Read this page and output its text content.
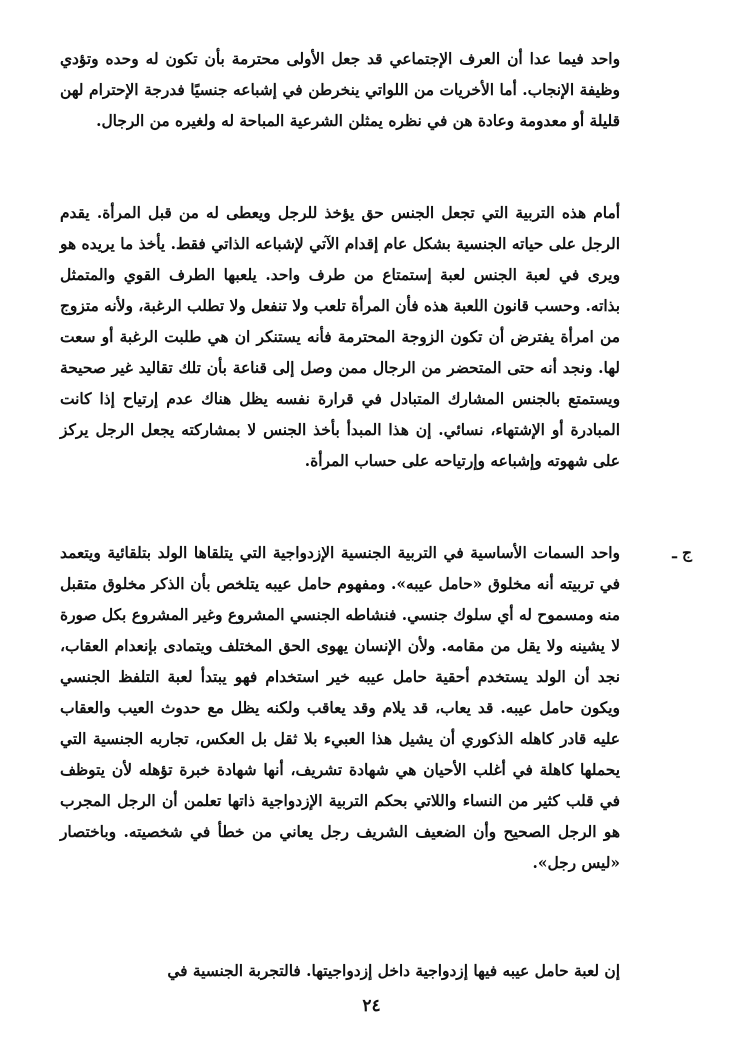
واحد فيما عدا أن العرف الإجتماعي قد جعل الأولى محترمة بأن تكون له وحده وتؤدي وظيفة الإنجاب. أما الأخريات من اللواتي ينخرطن في إشباعه جنسيًا فدرجة الإحترام لهن قليلة أو معدومة وعادة هن في نظره يمثلن الشرعية المباحة له ولغيره من الرجال.

أمام هذه التربية التي تجعل الجنس حق يؤخذ للرجل ويعطى له من قبل المرأة. يقدم الرجل على حياته الجنسية بشكل عام إقدام الآتي لإشباعه الذاتي فقط. يأخذ ما يريده هو ويرى في لعبة الجنس لعبة إستمتاع من طرف واحد. يلعبها الطرف القوي والمتمثل بذاته. وحسب قانون اللعبة هذه فأن المرأة تلعب ولا تنفعل ولا تطلب الرغبة، ولأنه متزوج من امرأة يفترض أن تكون الزوجة المحترمة فأنه يستنكر ان هي طلبت الرغبة أو سعت لها. ونجد أنه حتى المتحضر من الرجال ممن وصل إلى قناعة بأن تلك تقاليد غير صحيحة ويستمتع بالجنس المشارك المتبادل في قرارة نفسه يظل هناك عدم إرتياح إذا كانت المبادرة أو الإشتهاء، نسائي. إن هذا المبدأ بأخذ الجنس لا بمشاركته يجعل الرجل يركز على شهوته وإشباعه وإرتياحه على حساب المرأة.

ج ـ

واحد السمات الأساسية في التربية الجنسية الإزدواجية التي يتلقاها الولد بتلقائية ويتعمد في تربيته أنه مخلوق «حامل عيبه». ومفهوم حامل عيبه يتلخص بأن الذكر مخلوق متقبل منه ومسموح له أي سلوك جنسي. فنشاطه الجنسي المشروع وغير المشروع بكل صورة لا يشينه ولا يقل من مقامه. ولأن الإنسان يهوى الحق المختلف ويتمادى بإنعدام العقاب، نجد أن الولد يستخدم أحقية حامل عيبه خير استخدام فهو يبتدأ لعبة التلفظ الجنسي ويكون حامل عيبه. قد يعاب، قد يلام وقد يعاقب ولكنه يظل مع حدوث العيب والعقاب عليه قادر كاهله الذكوري أن يشيل هذا العبيء بلا ثقل بل العكس، تجاربه الجنسية التي يحملها كاهلة في أغلب الأحيان هي شهادة تشريف، أنها شهادة خبرة تؤهله لأن يتوظف في قلب كثير من النساء واللاتي بحكم التربية الإزدواجية ذاتها تعلمن أن الرجل المجرب هو الرجل الصحيح وأن الضعيف الشريف رجل يعاني من خطأ في شخصيته. وباختصار «ليس رجل».

إن لعبة حامل عيبه فيها إزدواجية داخل إزدواجيتها. فالتجربة الجنسية في

٢٤
